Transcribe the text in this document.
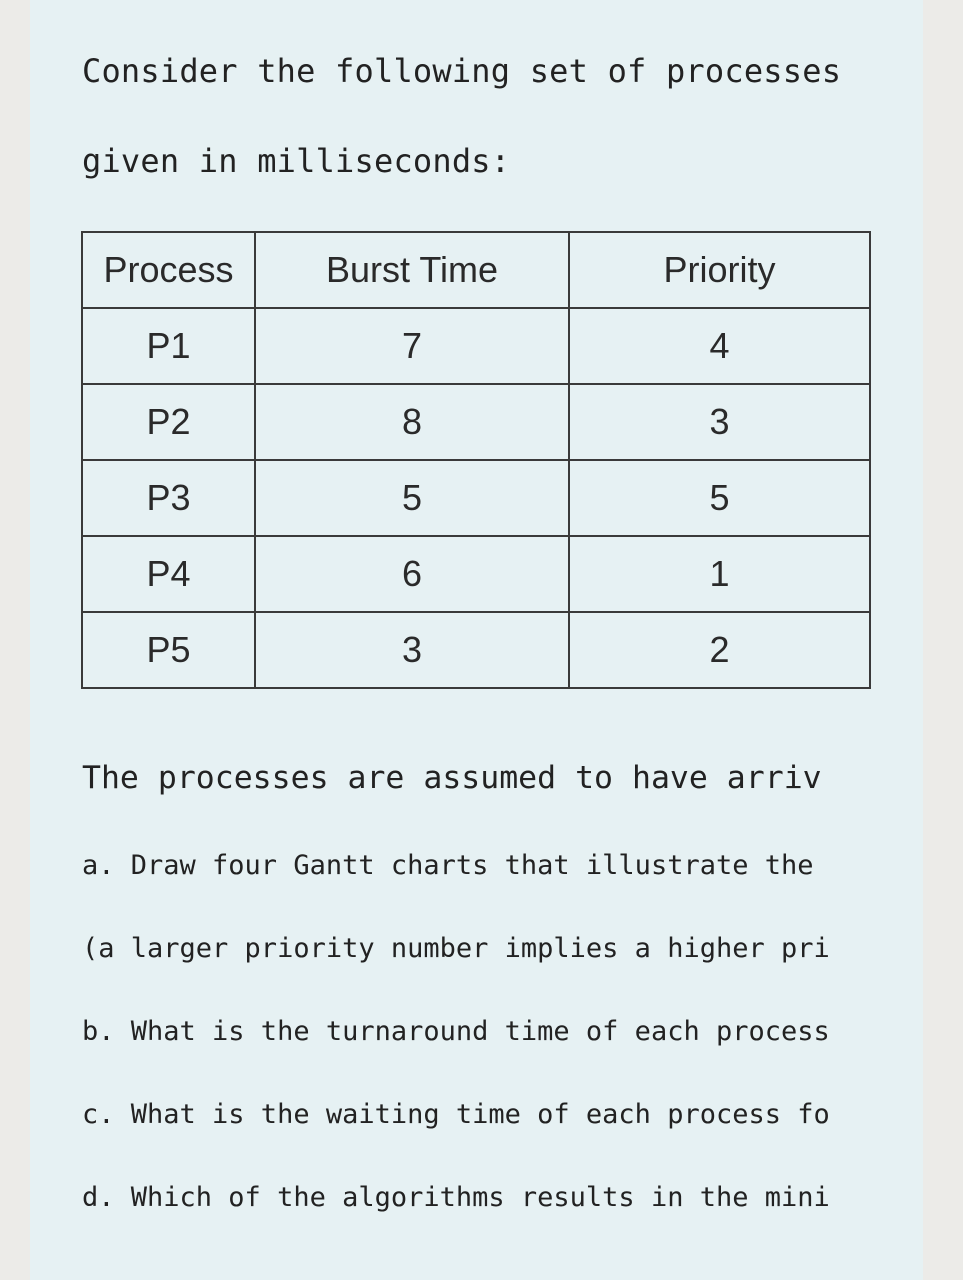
Consider the following set of processes
given in milliseconds:
Process	Burst Time	Priority
P1	7	4
P2	8	3
P3	5	5
P4	6	1
P5	3	2
The processes are assumed to have arriv
a. Draw four Gantt charts that illustrate the
(a larger priority number implies a higher pri
b. What is the turnaround time of each process
c. What is the waiting time of each process fo
d. Which of the algorithms results in the mini
